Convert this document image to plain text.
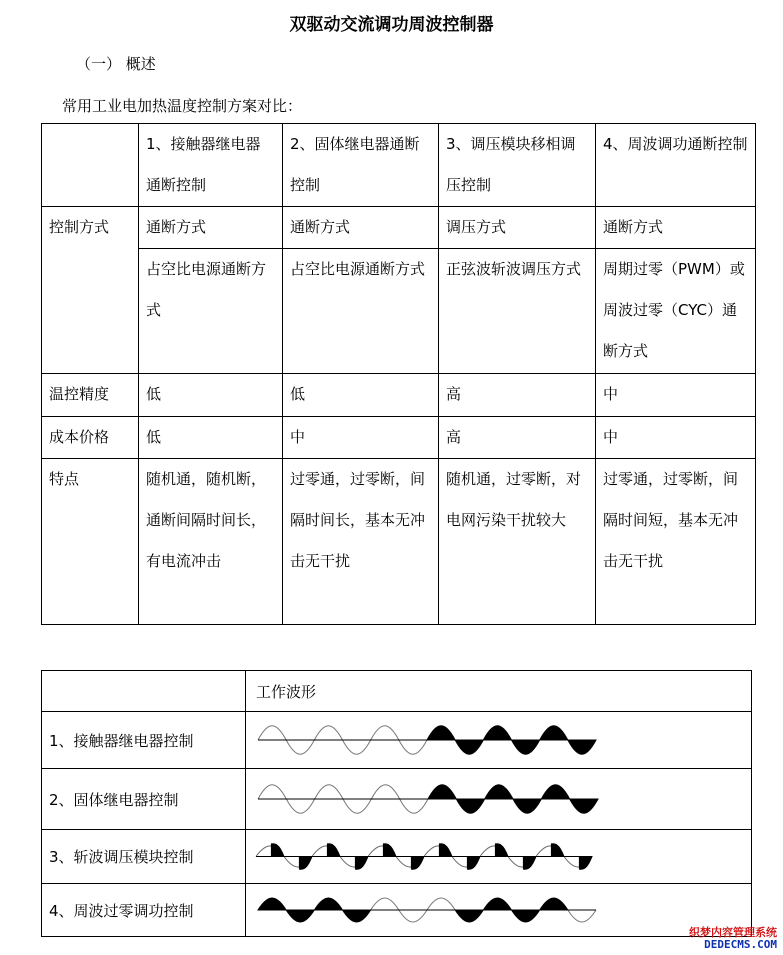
双驱动交流调功周波控制器
（一） 概述
常用工业电加热温度控制方案对比：
	1、接触器继电器通断控制	2、固体继电器通断控制	3、调压模块移相调压控制	4、周波调功通断控制
控制方式	通断方式	通断方式	调压方式	通断方式
	占空比电源通断方式	占空比电源通断方式	正弦波斩波调压方式	周期过零（PWM）或周波过零（CYC）通断方式
温控精度	低	低	高	中
成本价格	低	中	高	中
特点	随机通，随机断，通断间隔时间长，有电流冲击	过零通，过零断，间隔时间长，基本无冲击无干扰	随机通，过零断，对电网污染干扰较大	过零通，过零断，间隔时间短，基本无冲击无干扰
	工作波形
1、接触器继电器控制	

2、固体继电器控制	

3、斩波调压模块控制	

4、周波过零调功控制	
织梦内容管理系统
DEDECMS.COM
